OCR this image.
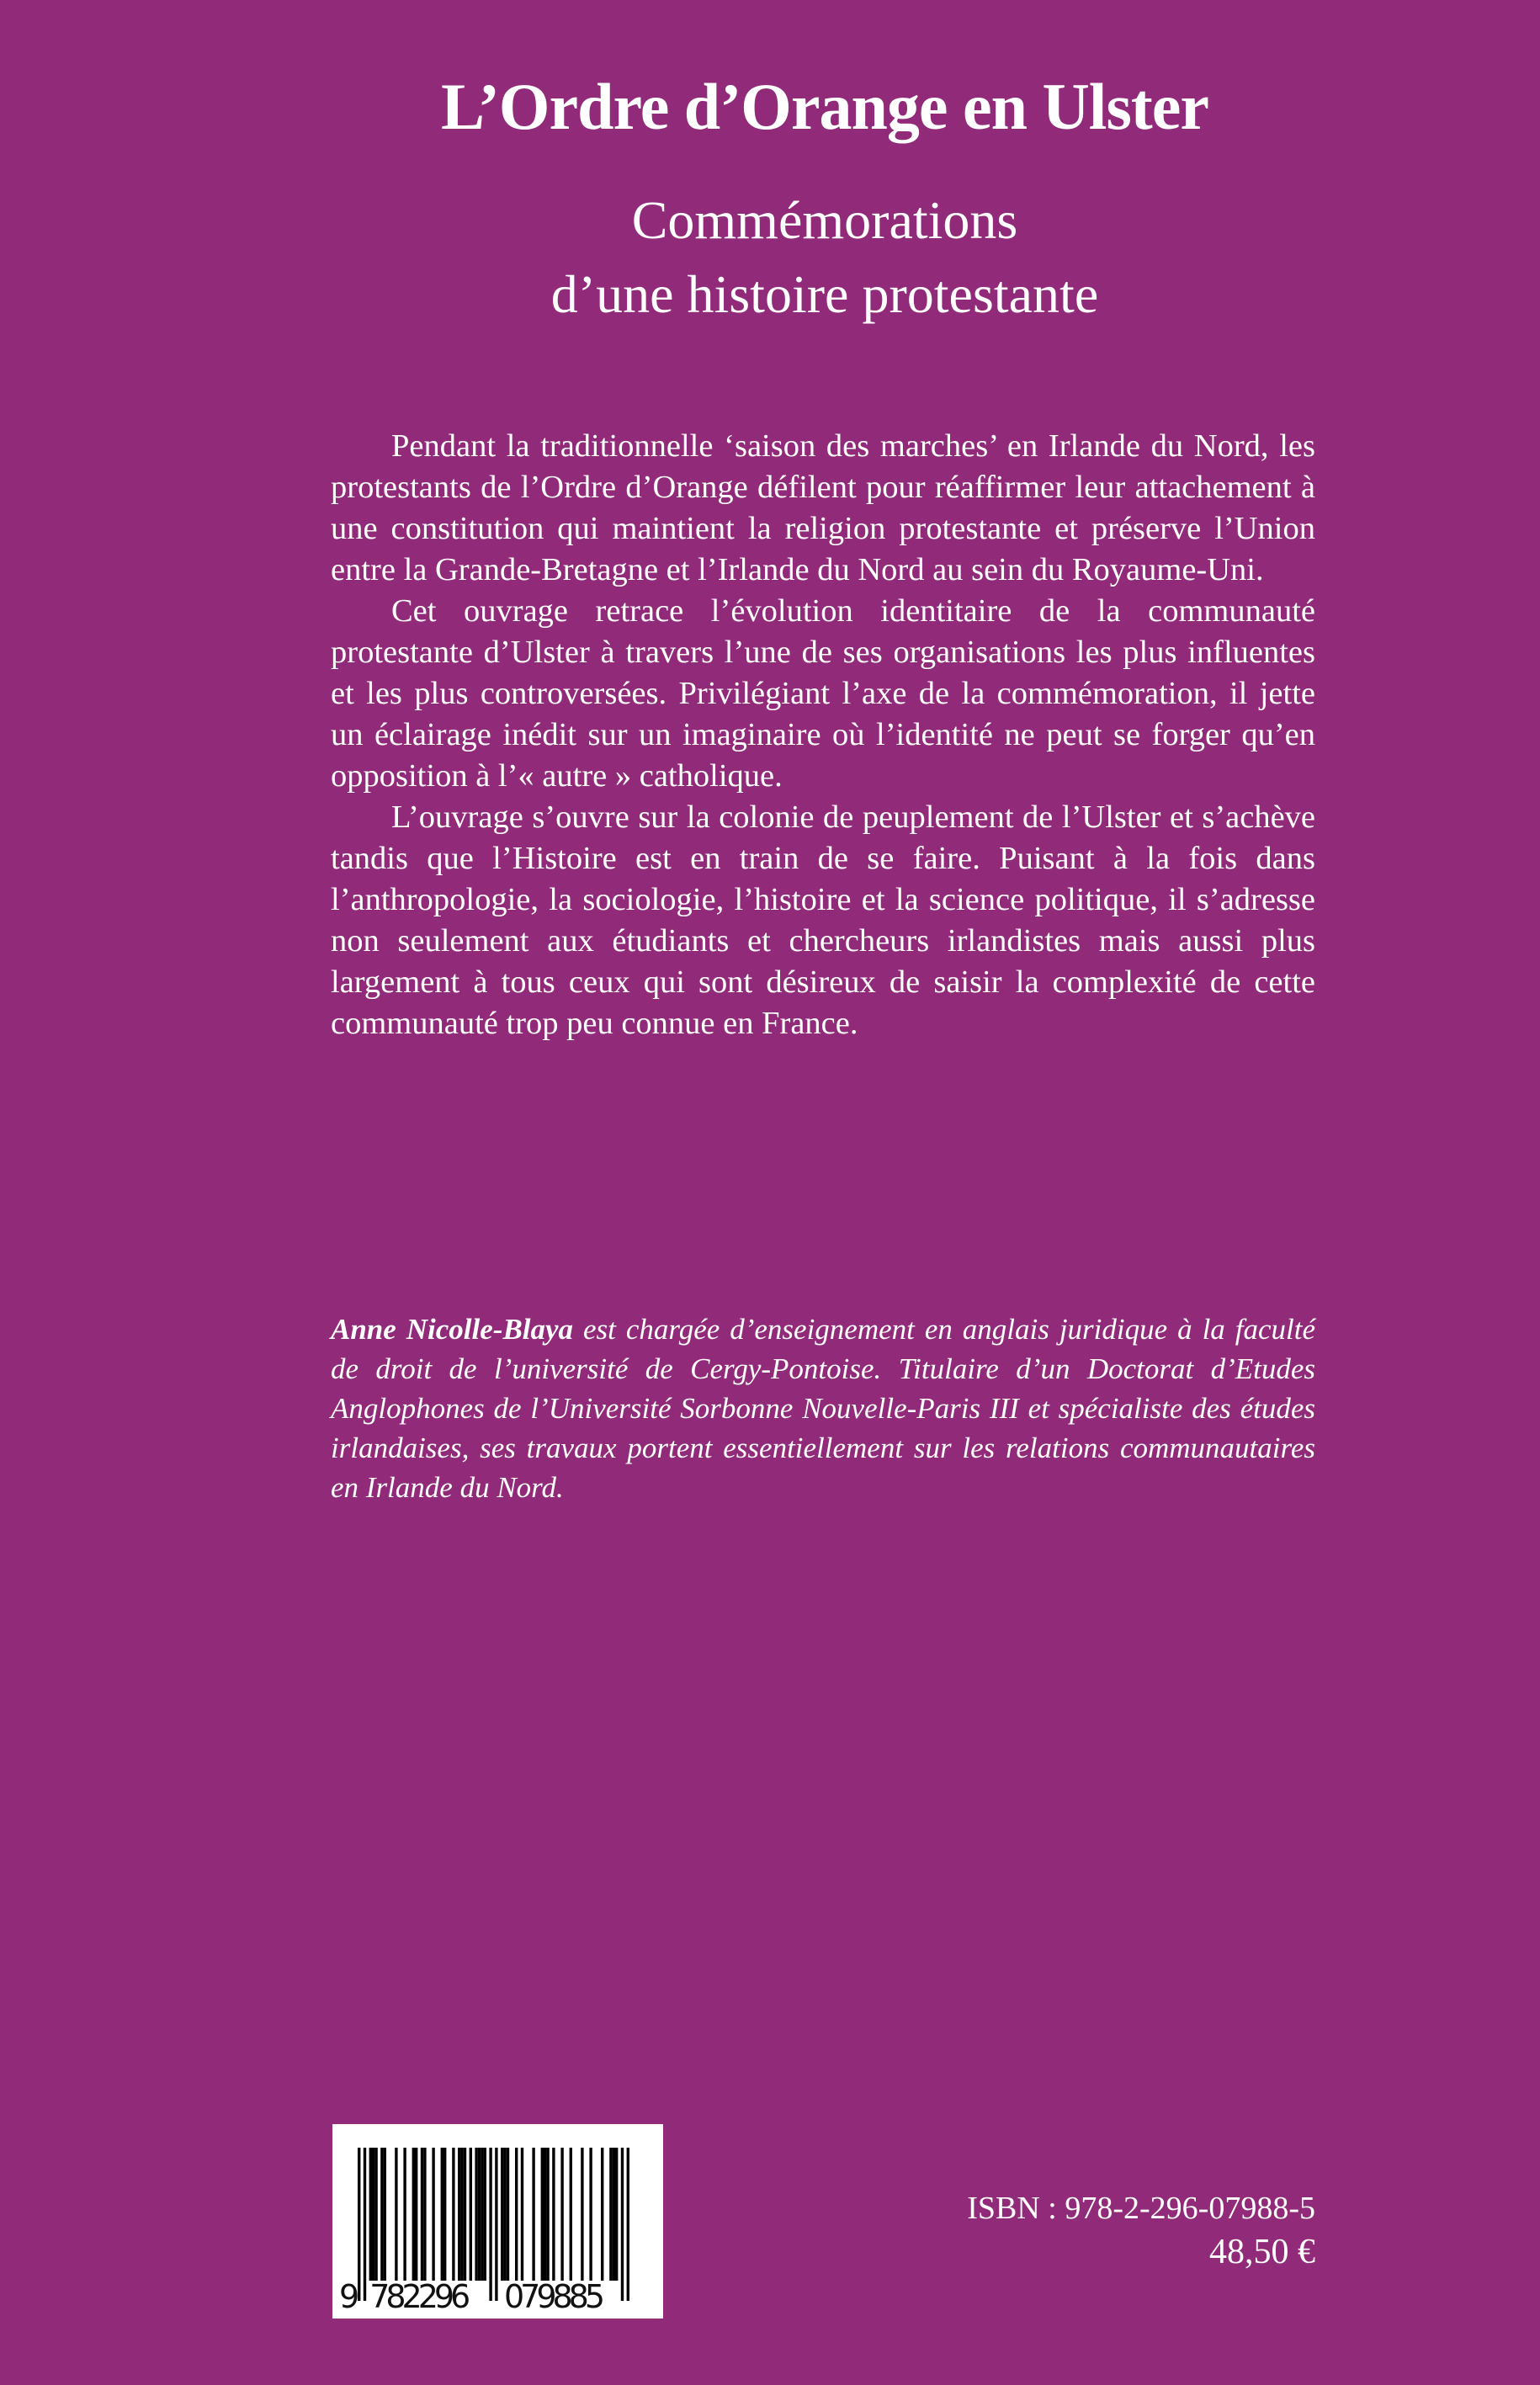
L’Ordre d’Orange en Ulster
Commémorations
d’une histoire protestante

Pendant la traditionnelle ‘saison des marches’ en Irlande du Nord, les protestants de l’Ordre d’Orange défilent pour réaffirmer leur attachement à une constitution qui maintient la religion protestante et préserve l’Union entre la Grande-Bretagne et l’Irlande du Nord au sein du Royaume-Uni.

Cet ouvrage retrace l’évolution identitaire de la communauté protestante d’Ulster à travers l’une de ses organisations les plus influentes et les plus controversées. Privilégiant l’axe de la commémoration, il jette un éclairage inédit sur un imaginaire où l’identité ne peut se forger qu’en opposition à l’« autre » catholique.

L’ouvrage s’ouvre sur la colonie de peuplement de l’Ulster et s’achève tandis que l’Histoire est en train de se faire. Puisant à la fois dans l’anthropologie, la sociologie, l’histoire et la science politique, il s’adresse non seulement aux étudiants et chercheurs irlandistes mais aussi plus largement à tous ceux qui sont désireux de saisir la complexité de cette communauté trop peu connue en France.

Anne Nicolle-Blaya est chargée d’enseignement en anglais juridique à la faculté de droit de l’université de Cergy-Pontoise. Titulaire d’un Doctorat d’Etudes Anglophones de l’Université Sorbonne Nouvelle-Paris III et spécialiste des études irlandaises, ses travaux portent essentiellement sur les relations communautaires en Irlande du Nord.
9 782296 079885
ISBN : 978-2-296-07988-5
48,50 €
